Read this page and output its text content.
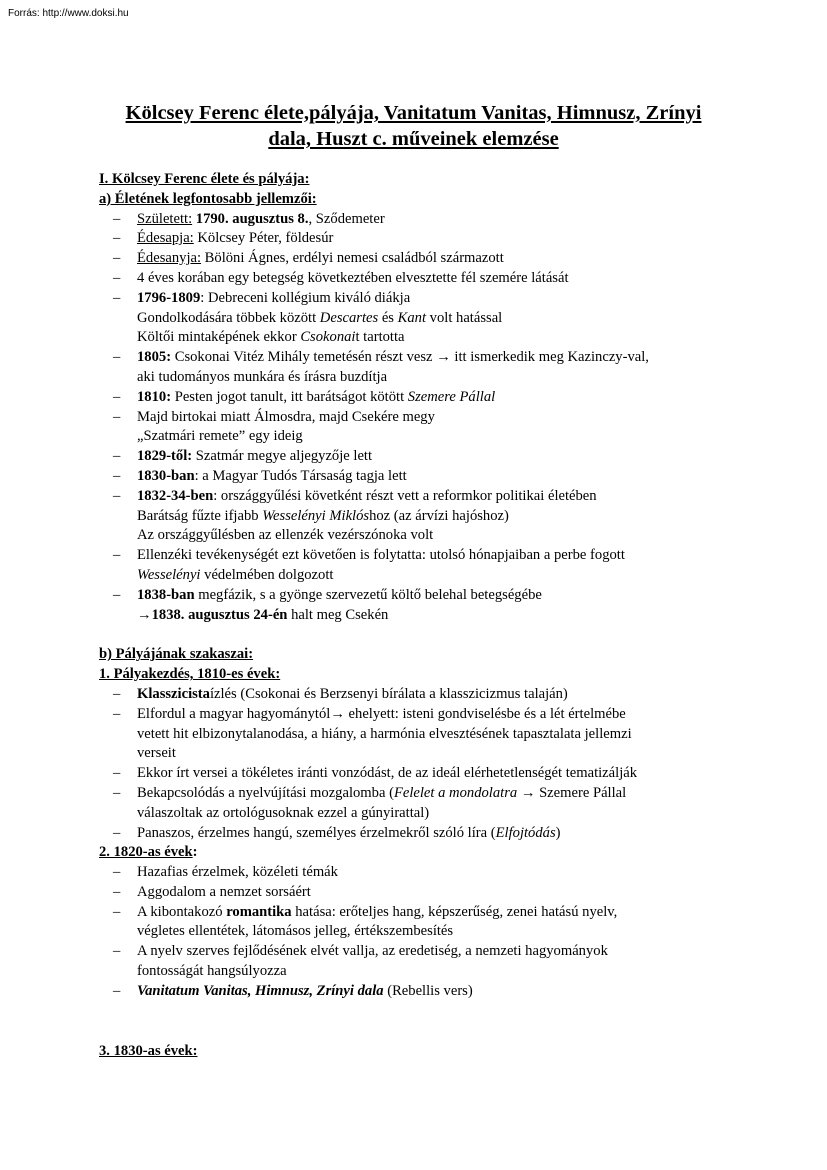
Forrás: http://www.doksi.hu
Kölcsey Ferenc élete,pályája, Vanitatum Vanitas, Himnusz, Zrínyi
dala, Huszt c. műveinek elemzése
I. Kölcsey Ferenc élete és pályája:
a) Életének legfontosabb jellemzői:
– Született: 1790. augusztus 8., Sződemeter
– Édesapja: Kölcsey Péter, földesúr
– Édesanyja: Bölöni Ágnes, erdélyi nemesi családból származott
– 4 éves korában egy betegség következtében elvesztette fél szemére látását
– 1796-1809: Debreceni kollégium kiváló diákja
Gondolkodására többek között Descartes és Kant volt hatással
Költői mintaképének ekkor Csokonait tartotta
– 1805: Csokonai Vitéz Mihály temetésén részt vesz → itt ismerkedik meg Kazinczy-val,
aki tudományos munkára és írásra buzdítja
– 1810: Pesten jogot tanult, itt barátságot kötött Szemere Pállal
– Majd birtokai miatt Álmosdra, majd Csekére megy
„Szatmári remete” egy ideig
– 1829-től: Szatmár megye aljegyzője lett
– 1830-ban: a Magyar Tudós Társaság tagja lett
– 1832-34-ben: országgyűlési követként részt vett a reformkor politikai életében
Barátság fűzte ifjabb Wesselényi Miklóshoz (az árvízi hajóshoz)
Az országgyűlésben az ellenzék vezérszónoka volt
– Ellenzéki tevékenységét ezt követően is folytatta: utolsó hónapjaiban a perbe fogott
Wesselényi védelmében dolgozott
– 1838-ban megfázik, s a gyönge szervezetű költő belehal betegségébe
→1838. augusztus 24-én halt meg Csekén
b) Pályájának szakaszai:
1. Pályakezdés, 1810-es évek:
– Klasszicistaízlés (Csokonai és Berzsenyi bírálata a klasszicizmus talaján)
– Elfordul a magyar hagyománytól→ ehelyett: isteni gondviselésbe és a lét értelmébe
vetett hit elbizonytalanodása, a hiány, a harmónia elvesztésének tapasztalata jellemzi
verseit
– Ekkor írt versei a tökéletes iránti vonzódást, de az ideál elérhetetlenségét tematizálják
– Bekapcsolódás a nyelvújítási mozgalomba (Felelet a mondolatra → Szemere Pállal
válaszoltak az ortológusoknak ezzel a gúnyirattal)
– Panaszos, érzelmes hangú, személyes érzelmekről szóló líra (Elfojtódás)
2. 1820-as évek:
– Hazafias érzelmek, közéleti témák
– Aggodalom a nemzet sorsáért
– A kibontakozó romantika hatása: erőteljes hang, képszerűség, zenei hatású nyelv,
végletes ellentétek, látomásos jelleg, értékszembesítés
– A nyelv szerves fejlődésének elvét vallja, az eredetiség, a nemzeti hagyományok
fontosságát hangsúlyozza
– Vanitatum Vanitas, Himnusz, Zrínyi dala (Rebellis vers)
3. 1830-as évek:
